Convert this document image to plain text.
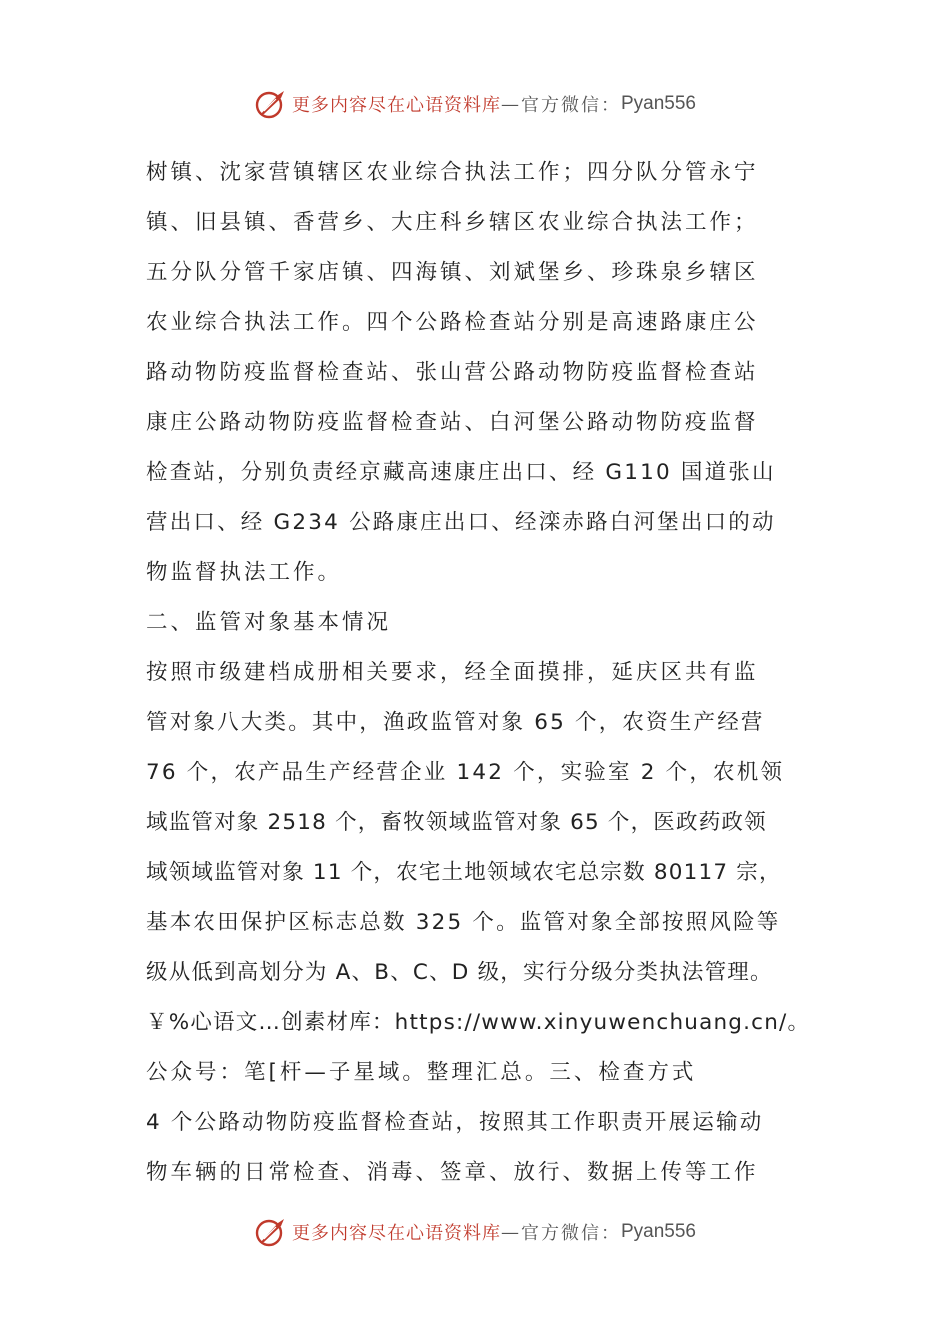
更多内容尽在心语资料库 — 官方微信： Pyan556
树镇、沈家营镇辖区农业综合执法工作；四分队分管永宁
镇、旧县镇、香营乡、大庄科乡辖区农业综合执法工作；
五分队分管千家店镇、四海镇、刘斌堡乡、珍珠泉乡辖区
农业综合执法工作。四个公路检查站分别是高速路康庄公
路动物防疫监督检查站、张山营公路动物防疫监督检查站
康庄公路动物防疫监督检查站、白河堡公路动物防疫监督
检查站，分别负责经京藏高速康庄出口、经 G110 国道张山
营出口、经 G234 公路康庄出口、经滦赤路白河堡出口的动
物监督执法工作。
二、监管对象基本情况
按照市级建档成册相关要求，经全面摸排，延庆区共有监
管对象八大类。其中，渔政监管对象 65 个，农资生产经营
76 个，农产品生产经营企业 142 个，实验室 2 个，农机领
域监管对象 2518 个，畜牧领域监管对象 65 个，医政药政领
域领域监管对象 11 个，农宅土地领域农宅总宗数 80117 宗，
基本农田保护区标志总数 325 个。监管对象全部按照风险等
级从低到高划分为 A、B、C、D 级，实行分级分类执法管理。
￥%心语文…创素材库：https://www.xinyuwenchuang.cn/。
公众号：笔[杆—子星域。整理汇总。三、检查方式
4 个公路动物防疫监督检查站，按照其工作职责开展运输动
物车辆的日常检查、消毒、签章、放行、数据上传等工作
更多内容尽在心语资料库 — 官方微信： Pyan556
